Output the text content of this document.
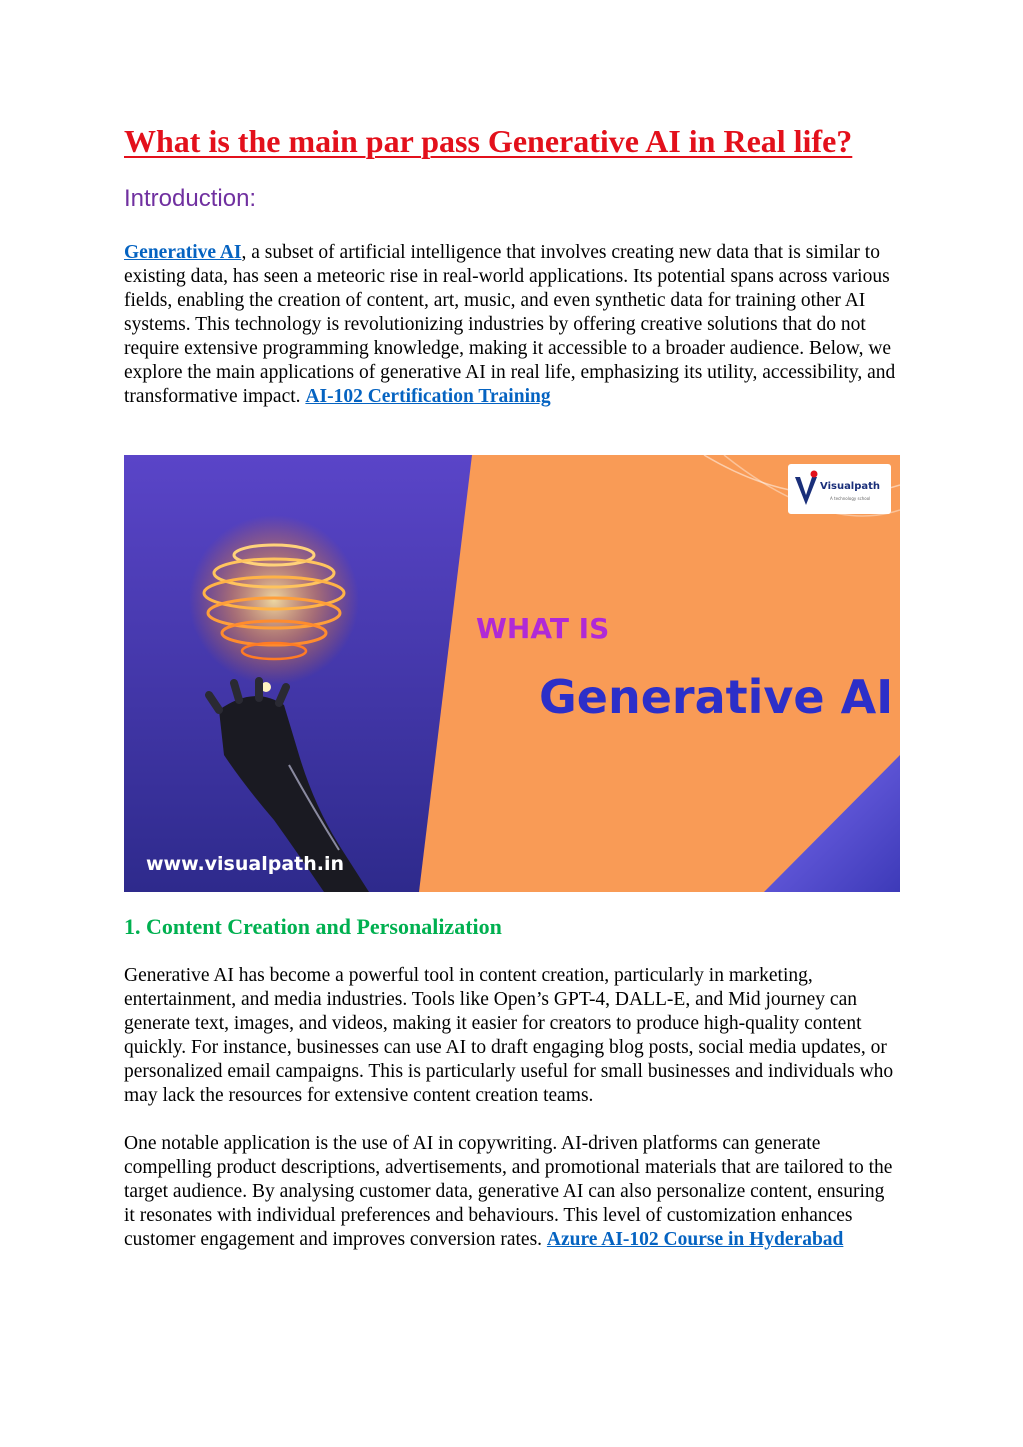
What is the main par pass Generative AI in Real life?
Introduction:

Generative AI, a subset of artificial intelligence that involves creating new data that is similar to existing data, has seen a meteoric rise in real-world applications. Its potential spans across various fields, enabling the creation of content, art, music, and even synthetic data for training other AI systems. This technology is revolutionizing industries by offering creative solutions that do not require extensive programming knowledge, making it accessible to a broader audience. Below, we explore the main applications of generative AI in real life, emphasizing its utility, accessibility, and transformative impact. AI-102 Certification Training

WHAT IS
Generative AI

Visualpath

A technology school

www.visualpath.in

1. Content Creation and Personalization

Generative AI has become a powerful tool in content creation, particularly in marketing, entertainment, and media industries. Tools like Open’s GPT-4, DALL-E, and Mid journey can generate text, images, and videos, making it easier for creators to produce high-quality content quickly. For instance, businesses can use AI to draft engaging blog posts, social media updates, or personalized email campaigns. This is particularly useful for small businesses and individuals who may lack the resources for extensive content creation teams.

One notable application is the use of AI in copywriting. AI-driven platforms can generate compelling product descriptions, advertisements, and promotional materials that are tailored to the target audience. By analysing customer data, generative AI can also personalize content, ensuring it resonates with individual preferences and behaviours. This level of customization enhances customer engagement and improves conversion rates. Azure AI-102 Course in Hyderabad
